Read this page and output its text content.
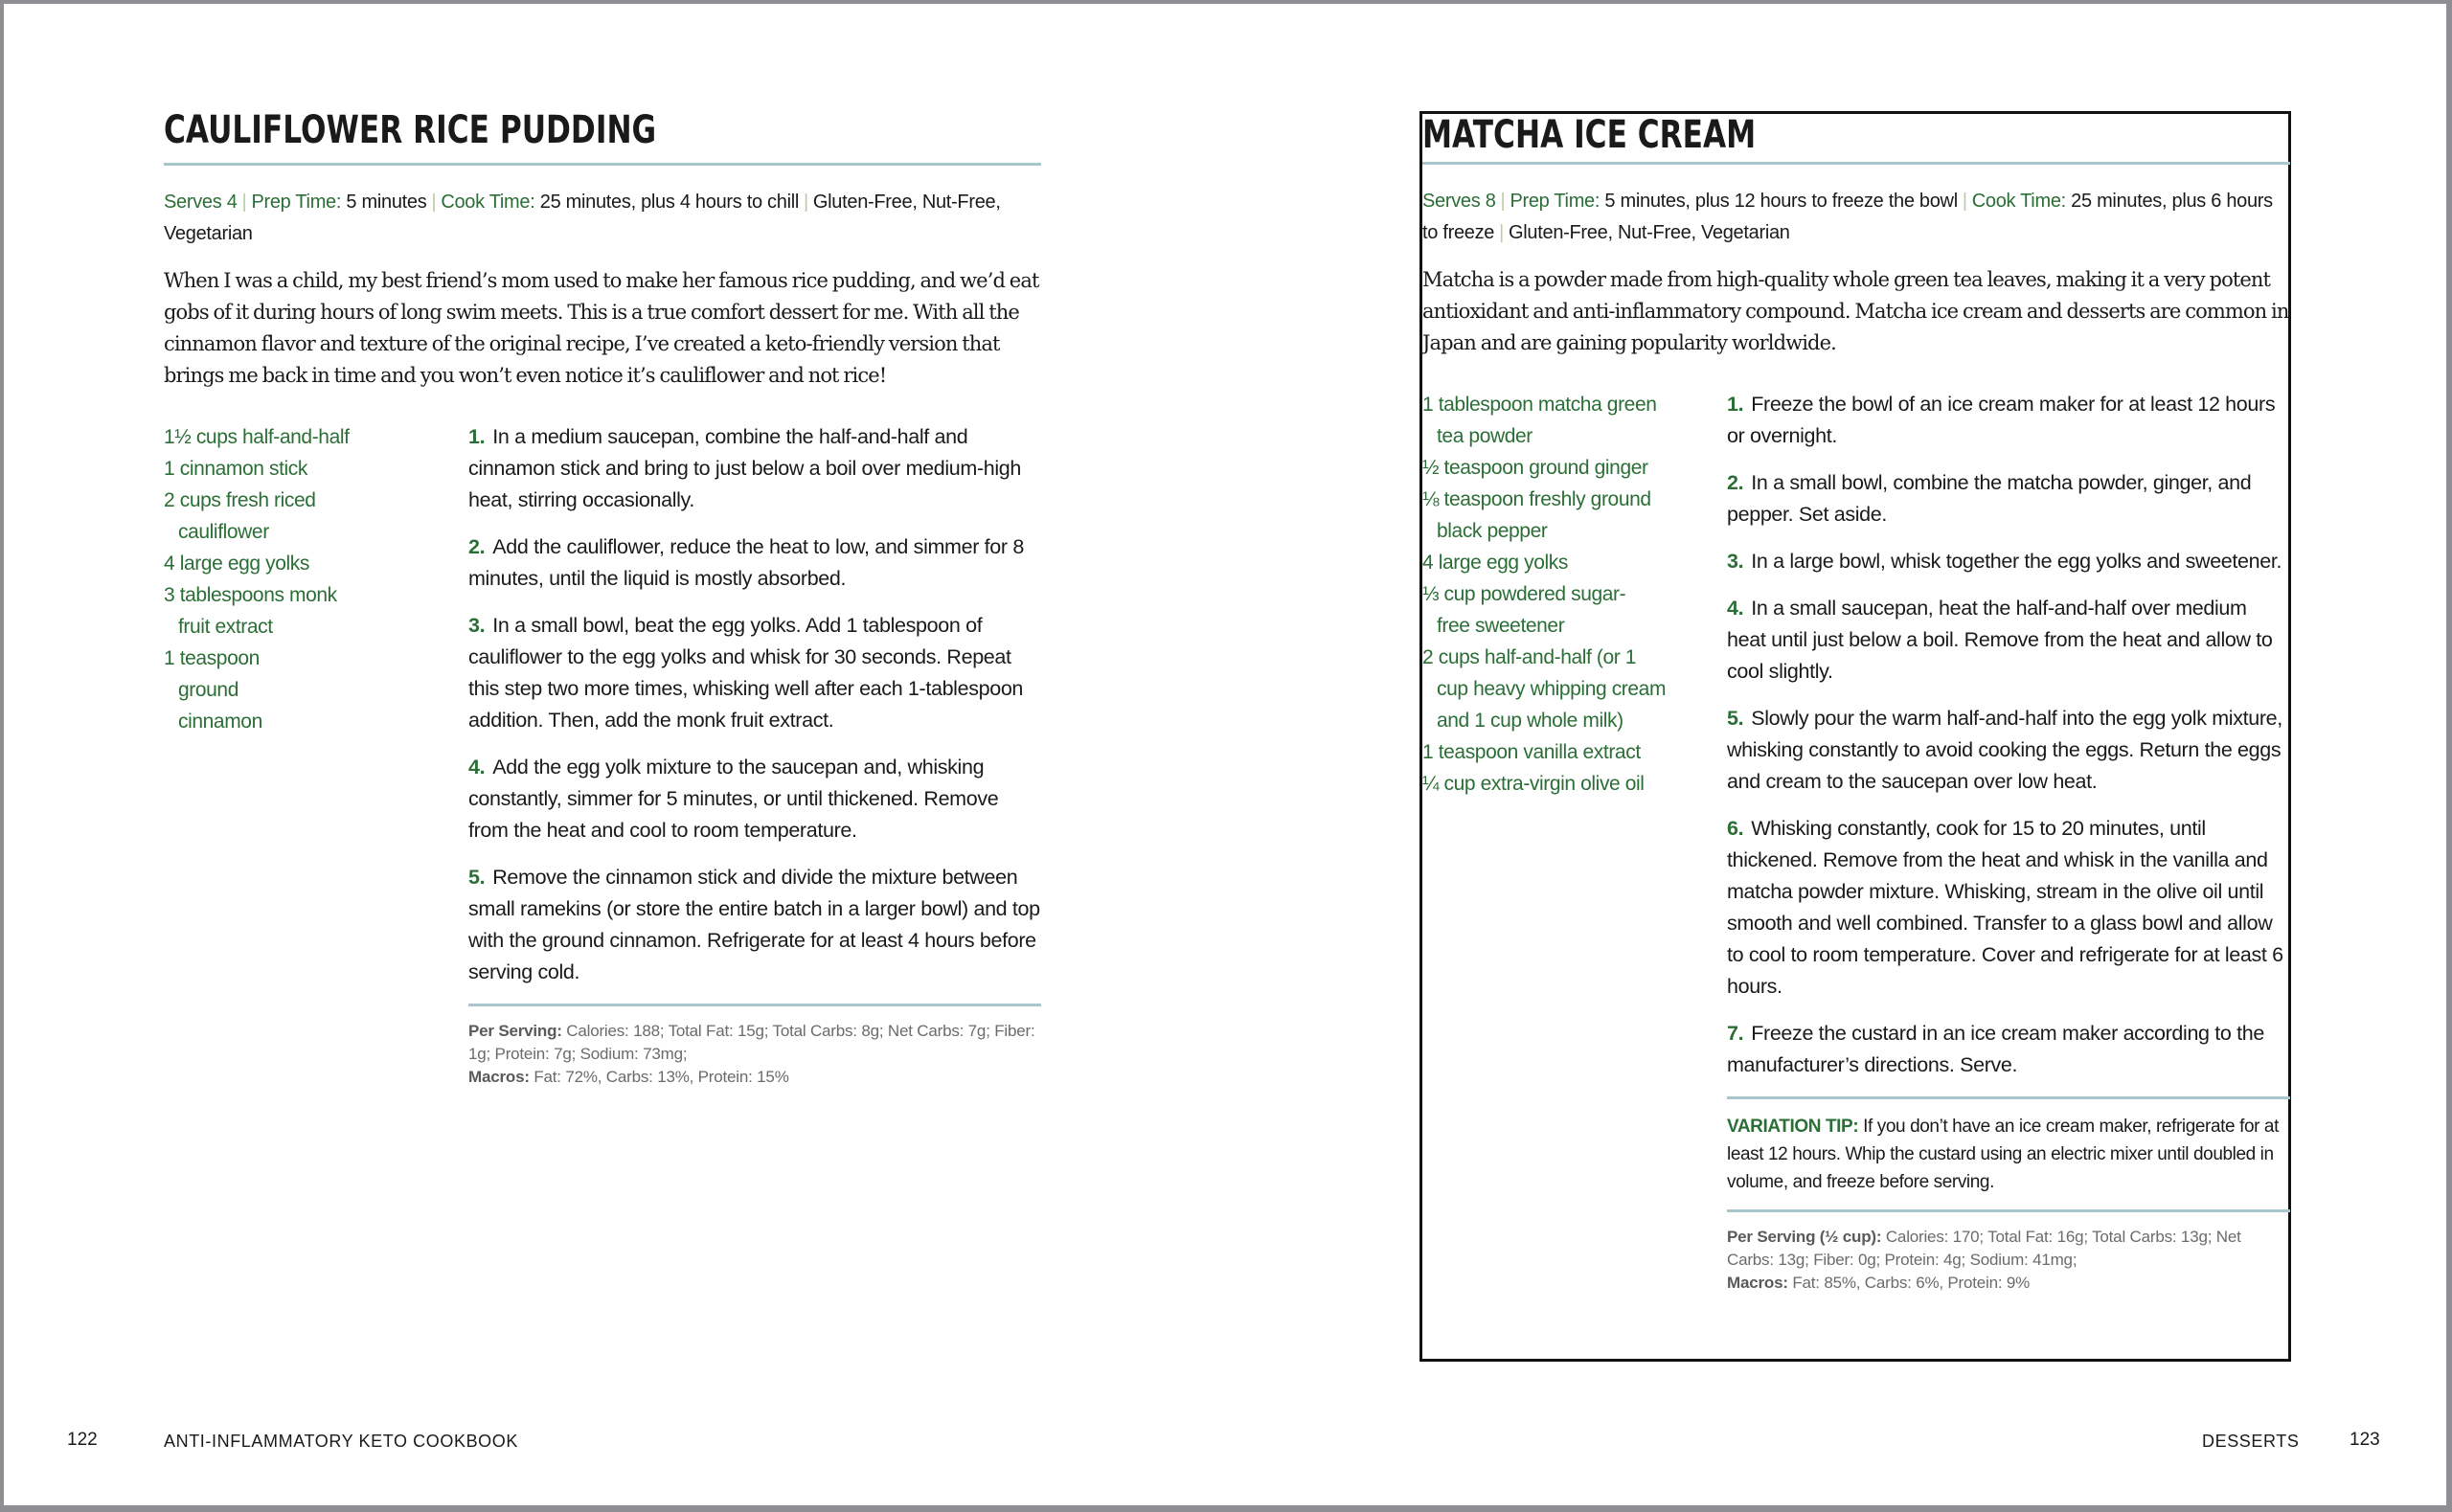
CAULIFLOWER RICE PUDDING
Serves 4 | Prep Time: 5 minutes | Cook Time: 25 minutes, plus 4 hours to chill | Gluten-Free, Nut-Free, Vegetarian

When I was a child, my best friend’s mom used to make her famous rice pudding, and we’d eat gobs of it during hours of long swim meets. This is a true comfort dessert for me. With all the cinnamon flavor and texture of the original recipe, I’ve created a keto-friendly version that brings me back in time and you won’t even notice it’s cauliflower and not rice!

1½ cups half-and-half
1 cinnamon stick
2 cups fresh riced cauliflower
4 large egg yolks
3 tablespoons monk fruit extract
1 teaspoon ground cinnamon
1. In a medium saucepan, combine the half-and-half and cinnamon stick and bring to just below a boil over medium-high heat, stirring occasionally.
2. Add the cauliflower, reduce the heat to low, and simmer for 8 minutes, until the liquid is mostly absorbed.
3. In a small bowl, beat the egg yolks. Add 1 tablespoon of cauliflower to the egg yolks and whisk for 30 seconds. Repeat this step two more times, whisking well after each 1-tablespoon addition. Then, add the monk fruit extract.
4. Add the egg yolk mixture to the saucepan and, whisking constantly, simmer for 5 minutes, or until thickened. Remove from the heat and cool to room temperature.
5. Remove the cinnamon stick and divide the mixture between small ramekins (or store the entire batch in a larger bowl) and top with the ground cinnamon. Refrigerate for at least 4 hours before serving cold.
Per Serving: Calories: 188; Total Fat: 15g; Total Carbs: 8g; Net Carbs: 7g; Fiber: 1g; Protein: 7g; Sodium: 73mg;
Macros: Fat: 72%, Carbs: 13%, Protein: 15%
MATCHA ICE CREAM
Serves 8 | Prep Time: 5 minutes, plus 12 hours to freeze the bowl | Cook Time: 25 minutes, plus 6 hours to freeze | Gluten-Free, Nut-Free, Vegetarian

Matcha is a powder made from high-quality whole green tea leaves, making it a very potent antioxidant and anti-inflammatory compound. Matcha ice cream and desserts are common in Japan and are gaining popularity worldwide.

1 tablespoon matcha green tea powder
½ teaspoon ground ginger
⅛ teaspoon freshly ground black pepper
4 large egg yolks
⅓ cup powdered sugar-free sweetener
2 cups half-and-half (or 1 cup heavy whipping cream and 1 cup whole milk)
1 teaspoon vanilla extract
¼ cup extra-virgin olive oil
1. Freeze the bowl of an ice cream maker for at least 12 hours or overnight.
2. In a small bowl, combine the matcha powder, ginger, and pepper. Set aside.
3. In a large bowl, whisk together the egg yolks and sweetener.
4. In a small saucepan, heat the half-and-half over medium heat until just below a boil. Remove from the heat and allow to cool slightly.
5. Slowly pour the warm half-and-half into the egg yolk mixture, whisking constantly to avoid cooking the eggs. Return the eggs and cream to the saucepan over low heat.
6. Whisking constantly, cook for 15 to 20 minutes, until thickened. Remove from the heat and whisk in the vanilla and matcha powder mixture. Whisking, stream in the olive oil until smooth and well combined. Transfer to a glass bowl and allow to cool to room temperature. Cover and refrigerate for at least 6 hours.
7. Freeze the custard in an ice cream maker according to the manufacturer’s directions. Serve.
VARIATION TIP: If you don’t have an ice cream maker, refrigerate for at least 12 hours. Whip the custard using an electric mixer until doubled in volume, and freeze before serving.
Per Serving (½ cup): Calories: 170; Total Fat: 16g; Total Carbs: 13g; Net Carbs: 13g; Fiber: 0g; Protein: 4g; Sodium: 41mg;
Macros: Fat: 85%, Carbs: 6%, Protein: 9%
122	ANTI-INFLAMMATORY KETO COOKBOOK	DESSERTS	123
